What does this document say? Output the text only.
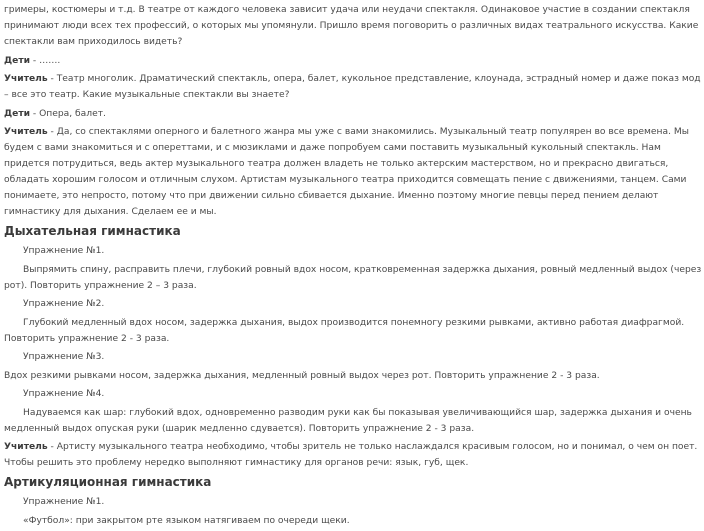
гримеры, костюмеры и т.д. В театре от каждого человека зависит удача или неудачи спектакля. Одинаковое участие в создании спектакля принимают люди всех тех профессий, о которых мы упомянули. Пришло время поговорить о различных видах театрального искусства. Какие спектакли вам приходилось видеть?

Дети - …….

Учитель - Театр многолик. Драматический спектакль, опера, балет, кукольное представление, клоунада, эстрадный номер и даже показ мод – все это театр. Какие музыкальные спектакли вы знаете?

Дети - Опера, балет.

Учитель - Да, со спектаклями оперного и балетного жанра мы уже с вами знакомились. Музыкальный театр популярен во все времена. Мы будем с вами знакомиться и с опереттами, и с мюзиклами и даже попробуем сами поставить музыкальный кукольный спектакль. Нам придется потрудиться, ведь актер музыкального театра должен владеть не только актерским мастерством, но и прекрасно двигаться, обладать хорошим голосом и отличным слухом. Артистам музыкального театра приходится совмещать пение с движениями, танцем. Сами понимаете, это непросто, потому что при движении сильно сбивается дыхание. Именно поэтому многие певцы перед пением делают гимнастику для дыхания. Сделаем ее и мы.

Дыхательная гимнастика

Упражнение №1.

Выпрямить спину, расправить плечи, глубокий ровный вдох носом, кратковременная задержка дыхания, ровный медленный выдох (через рот). Повторить упражнение 2 – 3 раза.

Упражнение №2.

Глубокий медленный вдох носом, задержка дыхания, выдох производится понемногу резкими рывками, активно работая диафрагмой. Повторить упражнение 2 - 3 раза.

Упражнение №3.

Вдох резкими рывками носом, задержка дыхания, медленный ровный выдох через рот. Повторить упражнение 2 - 3 раза.

Упражнение №4.

Надуваемся как шар: глубокий вдох, одновременно разводим руки как бы показывая увеличивающийся шар, задержка дыхания и очень медленный выдох опуская руки (шарик медленно сдувается). Повторить упражнение 2 - 3 раза.

Учитель - Артисту музыкального театра необходимо, чтобы зритель не только наслаждался красивым голосом, но и понимал, о чем он поет. Чтобы решить это проблему нередко выполняют гимнастику для органов речи: язык, губ, щек.

Артикуляционная гимнастика

Упражнение №1.

«Футбол»: при закрытом рте языком натягиваем по очереди щеки.
